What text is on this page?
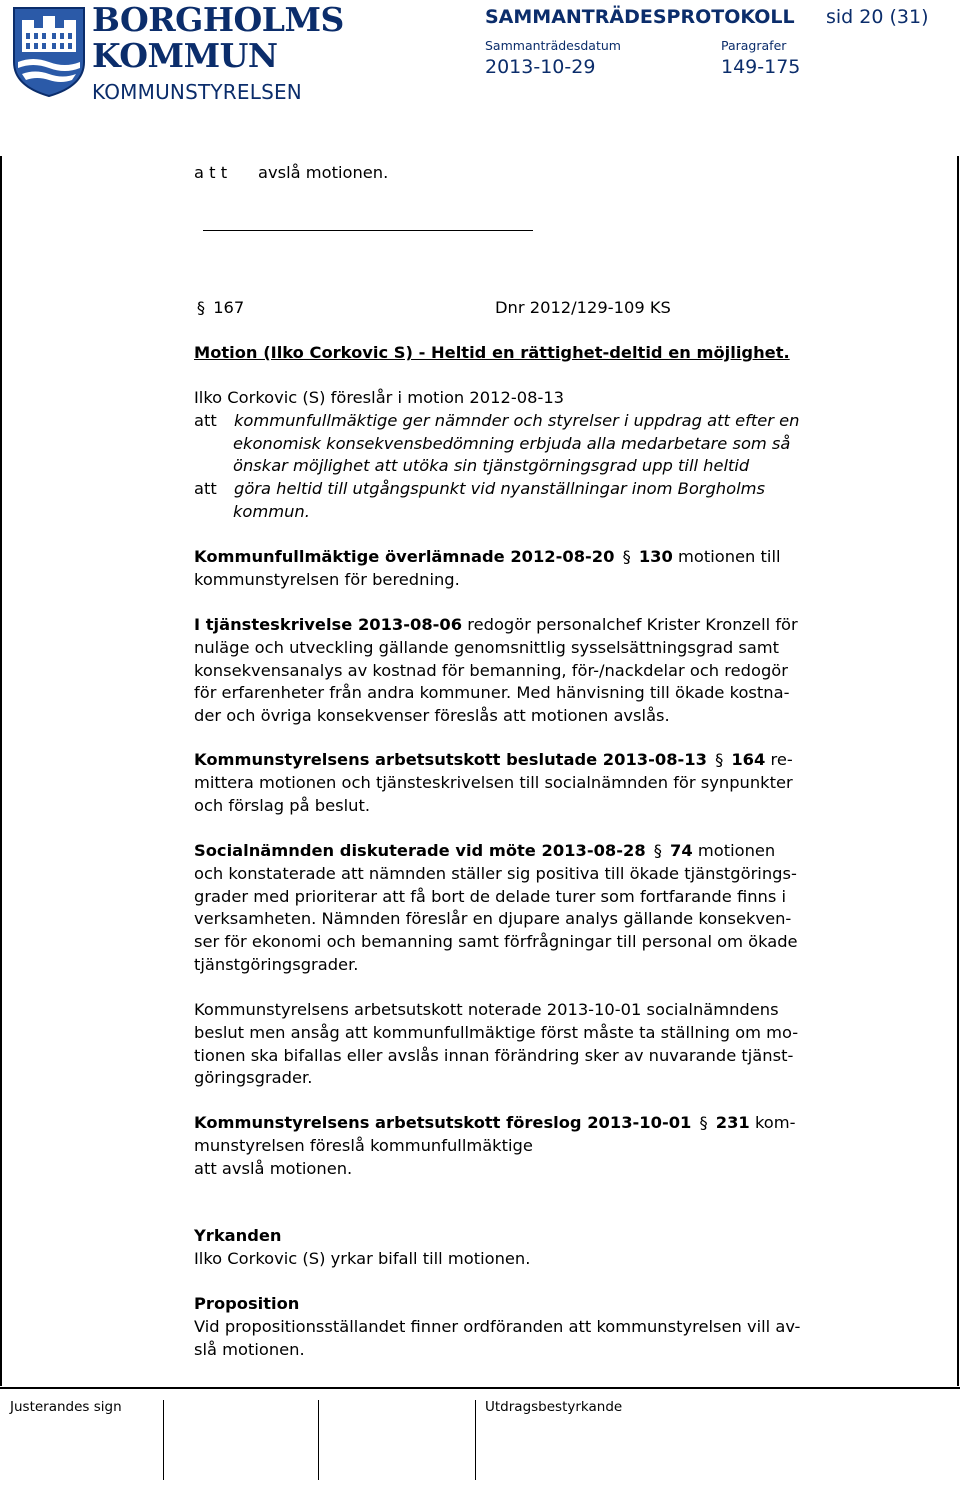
BORGHOLMS
KOMMUN
KOMMUNSTYRELSEN
SAMMANTRÄDESPROTOKOLL sid 20 (31)
Sammanträdesdatum	Paragrafer
2013-10-29	149-175
a t t avslå motionen.
§ 167	Dnr 2012/129-109 KS
Motion (Ilko Corkovic S) - Heltid en rättighet-deltid en möjlighet.
Ilko Corkovic (S) föreslår i motion 2012-08-13
att kommunfullmäktige ger nämnder och styrelser i uppdrag att efter en
ekonomisk konsekvensbedömning erbjuda alla medarbetare som så
önskar möjlighet att utöka sin tjänstgörningsgrad upp till heltid
att göra heltid till utgångspunkt vid nyanställningar inom Borgholms
kommun.
Kommunfullmäktige överlämnade 2012-08-20 § 130 motionen till
kommunstyrelsen för beredning.
I tjänsteskrivelse 2013-08-06 redogör personalchef Krister Kronzell för
nuläge och utveckling gällande genomsnittlig sysselsättningsgrad samt
konsekvensanalys av kostnad för bemanning, för-/nackdelar och redogör
för erfarenheter från andra kommuner. Med hänvisning till ökade kostna-
der och övriga konsekvenser föreslås att motionen avslås.
Kommunstyrelsens arbetsutskott beslutade 2013-08-13 § 164 re-
mittera motionen och tjänsteskrivelsen till socialnämnden för synpunkter
och förslag på beslut.
Socialnämnden diskuterade vid möte 2013-08-28 § 74 motionen
och konstaterade att nämnden ställer sig positiva till ökade tjänstgörings-
grader med prioriterar att få bort de delade turer som fortfarande finns i
verksamheten. Nämnden föreslår en djupare analys gällande konsekven-
ser för ekonomi och bemanning samt förfrågningar till personal om ökade
tjänstgöringsgrader.
Kommunstyrelsens arbetsutskott noterade 2013-10-01 socialnämndens
beslut men ansåg att kommunfullmäktige först måste ta ställning om mo-
tionen ska bifallas eller avslås innan förändring sker av nuvarande tjänst-
göringsgrader.
Kommunstyrelsens arbetsutskott föreslog 2013-10-01 § 231 kom-
munstyrelsen föreslå kommunfullmäktige
att avslå motionen.
Yrkanden
Ilko Corkovic (S) yrkar bifall till motionen.
Proposition
Vid propositionsställandet finner ordföranden att kommunstyrelsen vill av-
slå motionen.
Justerandes sign	Utdragsbestyrkande
